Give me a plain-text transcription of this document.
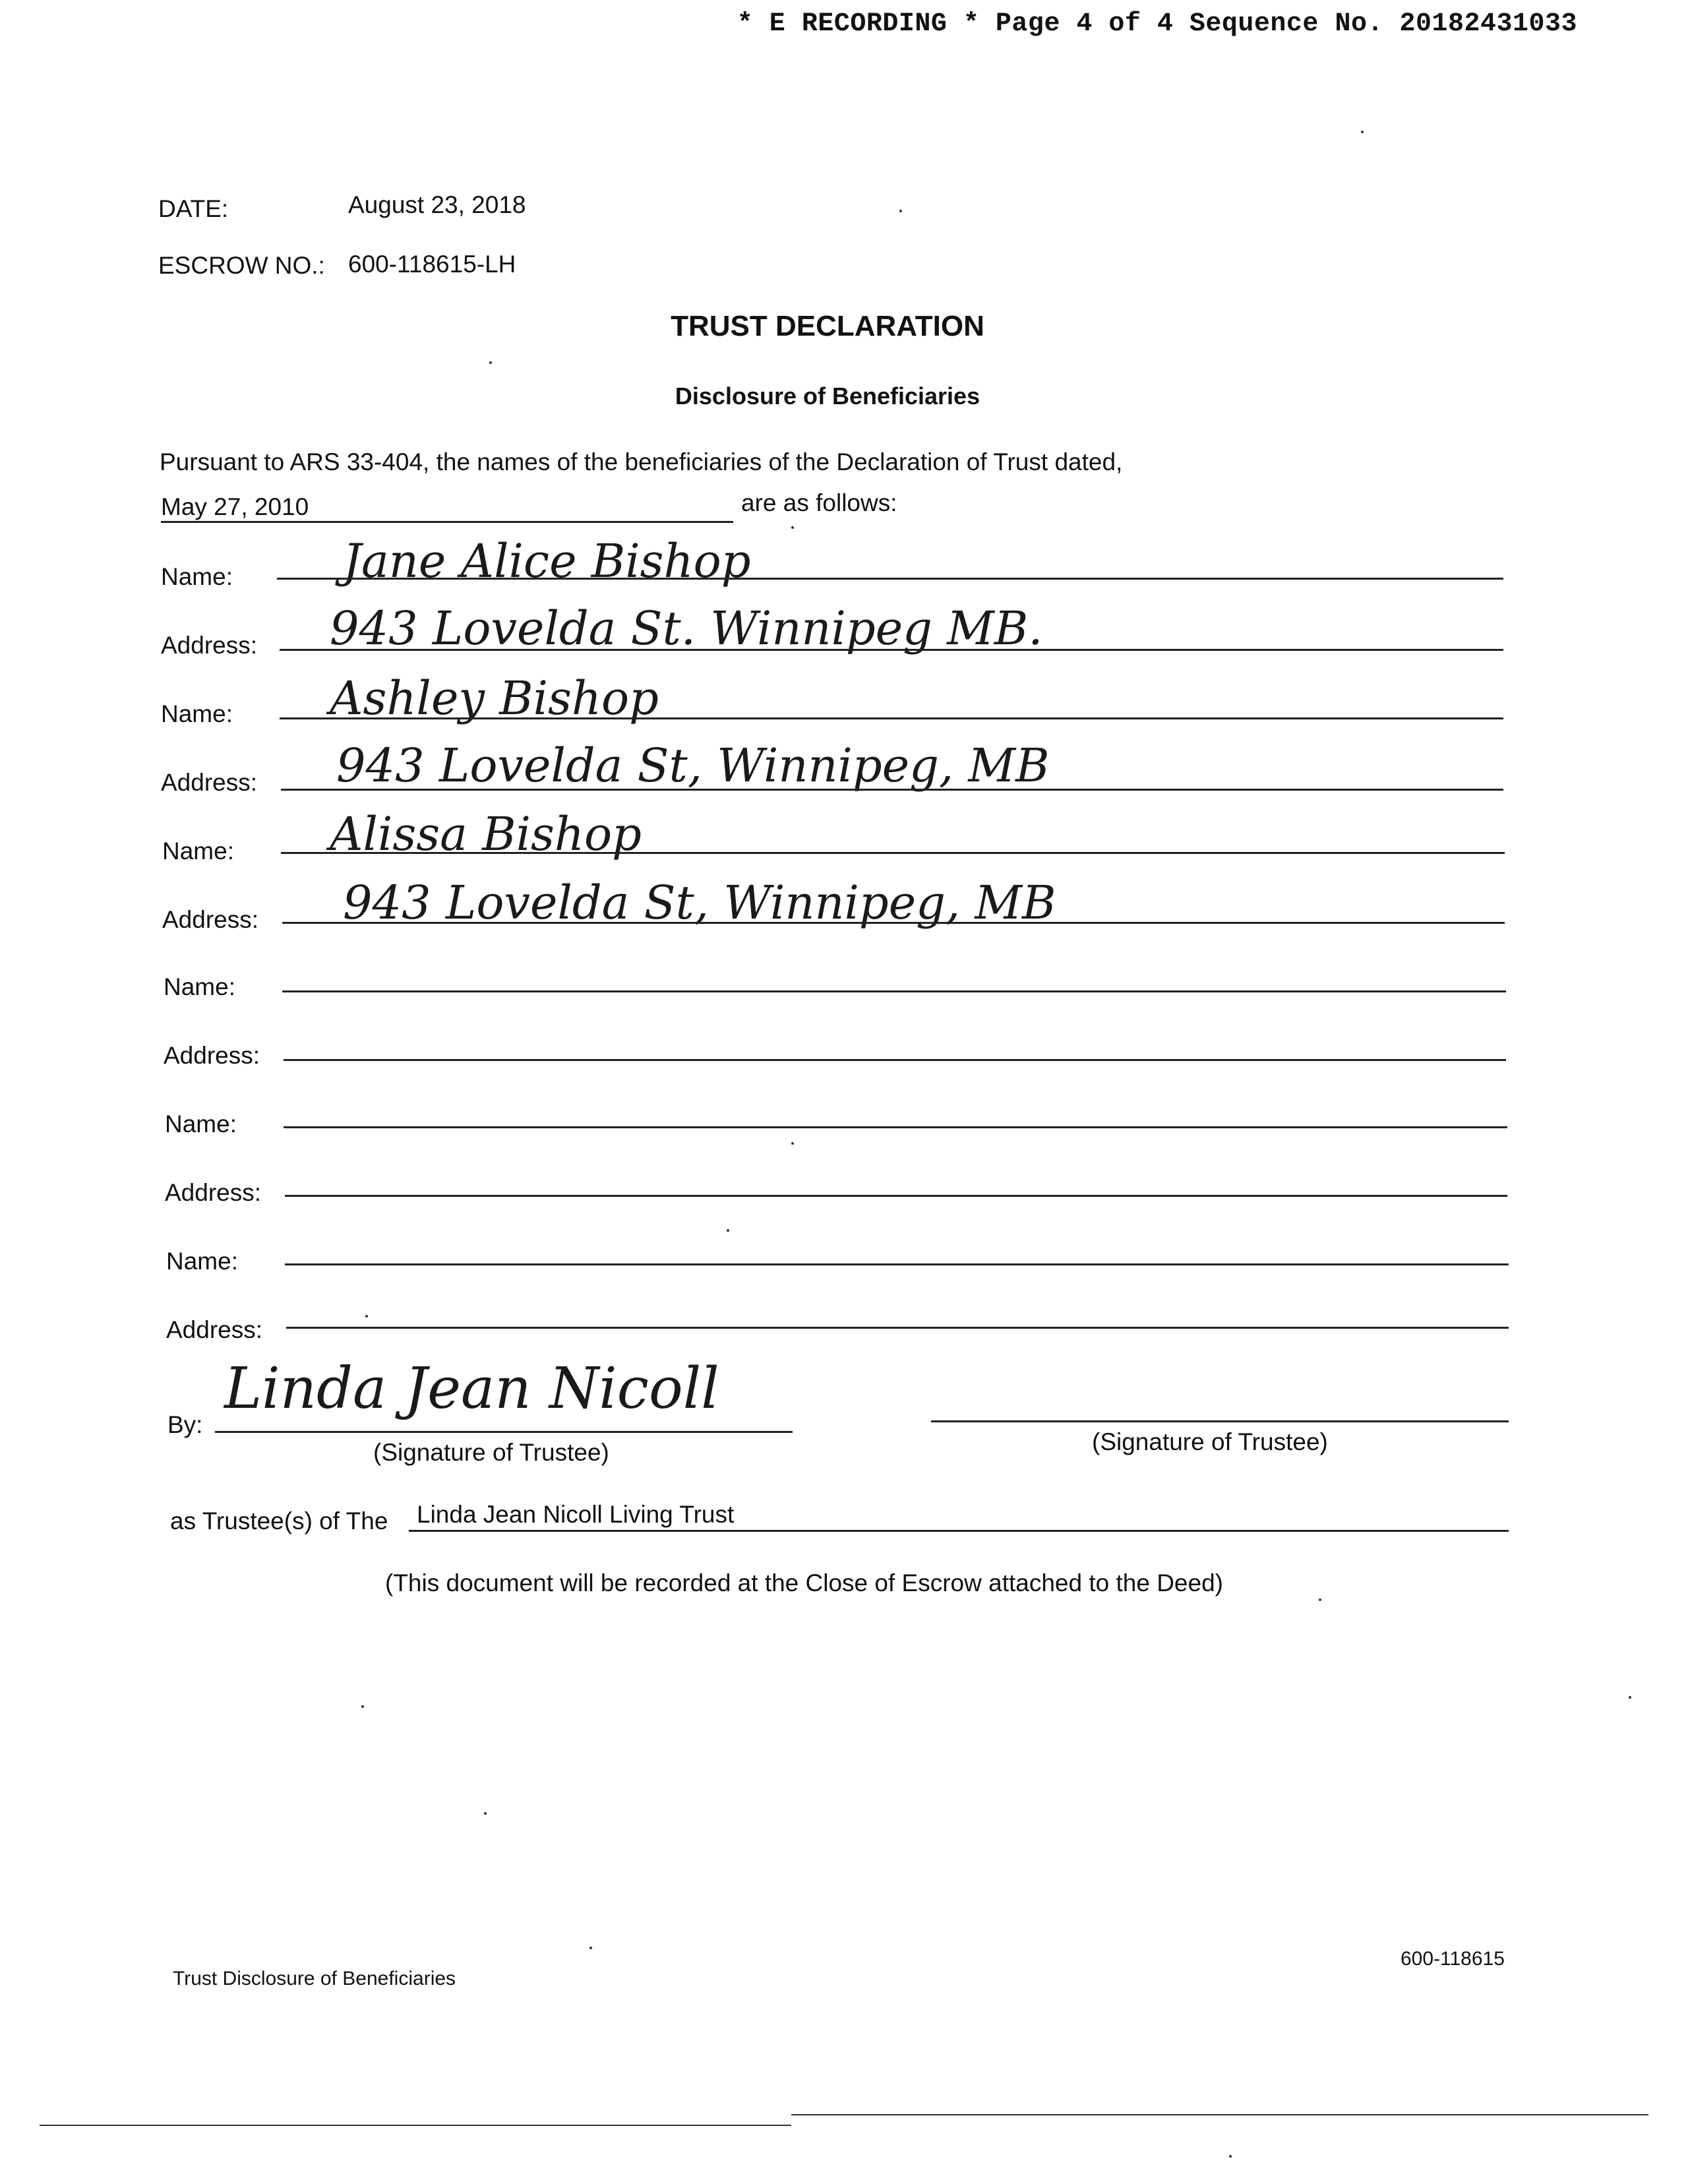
* E RECORDING * Page 4 of 4 Sequence No. 20182431033
DATE:	August 23, 2018
ESCROW NO.: 600-118615-LH
TRUST DECLARATION
Disclosure of Beneficiaries
Pursuant to ARS 33-404, the names of the beneficiaries of the Declaration of Trust dated,
May 27, 2010	are as follows:
Name: Jane Alice Bishop
Address: 943 Lovelda St. Winnipeg MB.
Name: Ashley Bishop
Address: 943 Lovelda St, Winnipeg, MB
Name: Alissa Bishop
Address: 943 Lovelda St, Winnipeg, MB
Name:
Address:
Name:
Address:
Name:
Address:
By:
Linda Jean Nicoll
(Signature of Trustee)	(Signature of Trustee)
as Trustee(s) of The Linda Jean Nicoll Living Trust
(This document will be recorded at the Close of Escrow attached to the Deed)
Trust Disclosure of Beneficiaries
600-118615
